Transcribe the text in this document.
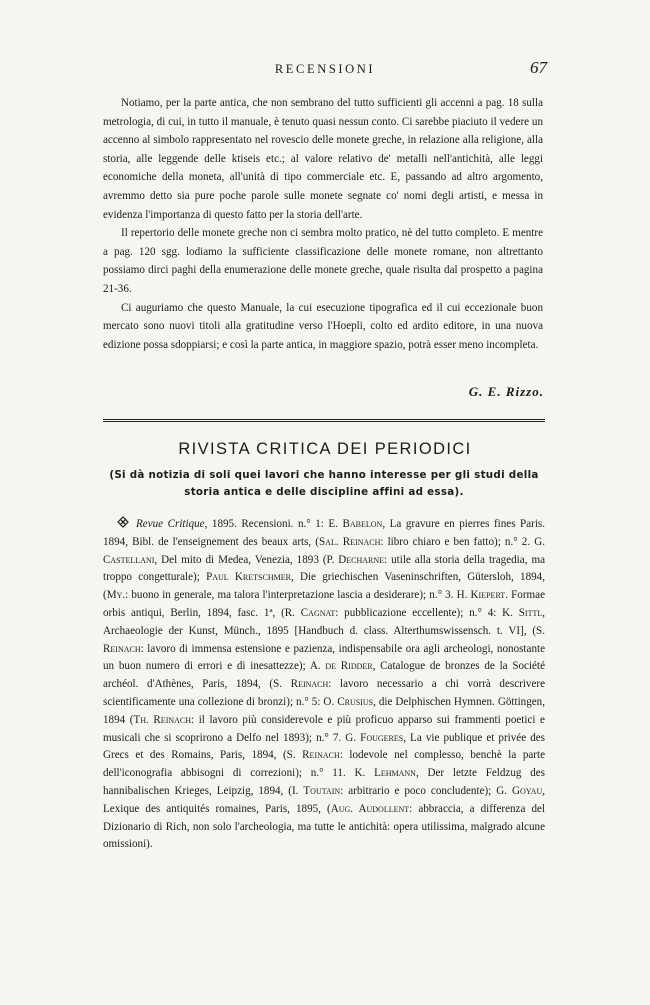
RECENSIONI	67

Notiamo, per la parte antica, che non sembrano del tutto sufficienti gli accenni a pag. 18 sulla metrologia, di cui, in tutto il manuale, è tenuto quasi nessun conto. Ci sarebbe piaciuto il vedere un accenno al simbolo rappresentato nel rovescio delle monete greche, in relazione alla religione, alla storia, alle leggende delle ktiseis etc.; al valore relativo de' metalli nell'antichità, alle leggi economiche della moneta, all'unità di tipo commerciale etc. E, passando ad altro argomento, avremmo detto sia pure poche parole sulle monete segnate co' nomi degli artisti, e messa in evidenza l'importanza di questo fatto per la storia dell'arte.

Il repertorio delle monete greche non ci sembra molto pratico, nè del tutto completo. E mentre a pag. 120 sgg. lodiamo la sufficiente classificazione delle monete romane, non altrettanto possiamo dirci paghi della enumerazione delle monete greche, quale risulta dal prospetto a pagina 21-36.

Ci auguriamo che questo Manuale, la cui esecuzione tipografica ed il cui eccezionale buon mercato sono nuovi titoli alla gratitudine verso l'Hoepli, colto ed ardito editore, in una nuova edizione possa sdoppiarsi; e così la parte antica, in maggiore spazio, potrà esser meno incompleta.

G. E. Rizzo.
RIVISTA CRITICA DEI PERIODICI
(Si dà notizia di soli quei lavori che hanno interesse per gli studi della storia antica e delle discipline affini ad essa).
Revue Critique, 1895. Recensioni. n.° 1: E. Babelon, La gravure en pierres fines Paris. 1894, Bibl. de l'enseignement des beaux arts, (Sal. Reinach: libro chiaro e ben fatto); n.° 2. G. Castellani, Del mito di Medea, Venezia, 1893 (P. Decharne: utile alla storia della tragedia, ma troppo congetturale); Paul Kretschmer, Die griechischen Vaseninschriften, Gütersloh, 1894, (My.: buono in generale, ma talora l'interpretazione lascia a desiderare); n.° 3. H. Kiepert. Formae orbis antiqui, Berlin, 1894, fasc. 1ª, (R. Cagnat: pubblicazione eccellente); n.° 4: K. Sittl, Archaeologie der Kunst, Münch., 1895 [Handbuch d. class. Alterthumswissensch. t. VI], (S. Reinach: lavoro di immensa estensione e pazienza, indispensabile ora agli archeologi, nonostante un buon numero di errori e di inesattezze); A. de Ridder, Catalogue de bronzes de la Société archéol. d'Athènes, Paris, 1894, (S. Reinach: lavoro necessario a chi vorrà descrivere scientificamente una collezione di bronzi); n.° 5: O. Crusius, die Delphischen Hymnen. Göttingen, 1894 (Th. Reinach: il lavoro più considerevole e più proficuo apparso sui frammenti poetici e musicali che si scoprirono a Delfo nel 1893); n.° 7. G. Fougeres, La vie publique et privée des Grecs et des Romains, Paris, 1894, (S. Reinach: lodevole nel complesso, benchè la parte dell'iconografia abbisogni di correzioni); n.° 11. K. Lehmann, Der letzte Feldzug des hannibalischen Krieges, Leipzig, 1894, (I. Toutain: arbitrario e poco concludente); G. Goyau, Lexique des antiquités romaines, Paris, 1895, (Aug. Audollent: abbraccia, a differenza del Dizionario di Rich, non solo l'archeologia, ma tutte le antichità: opera utilissima, malgrado alcune omissioni).
